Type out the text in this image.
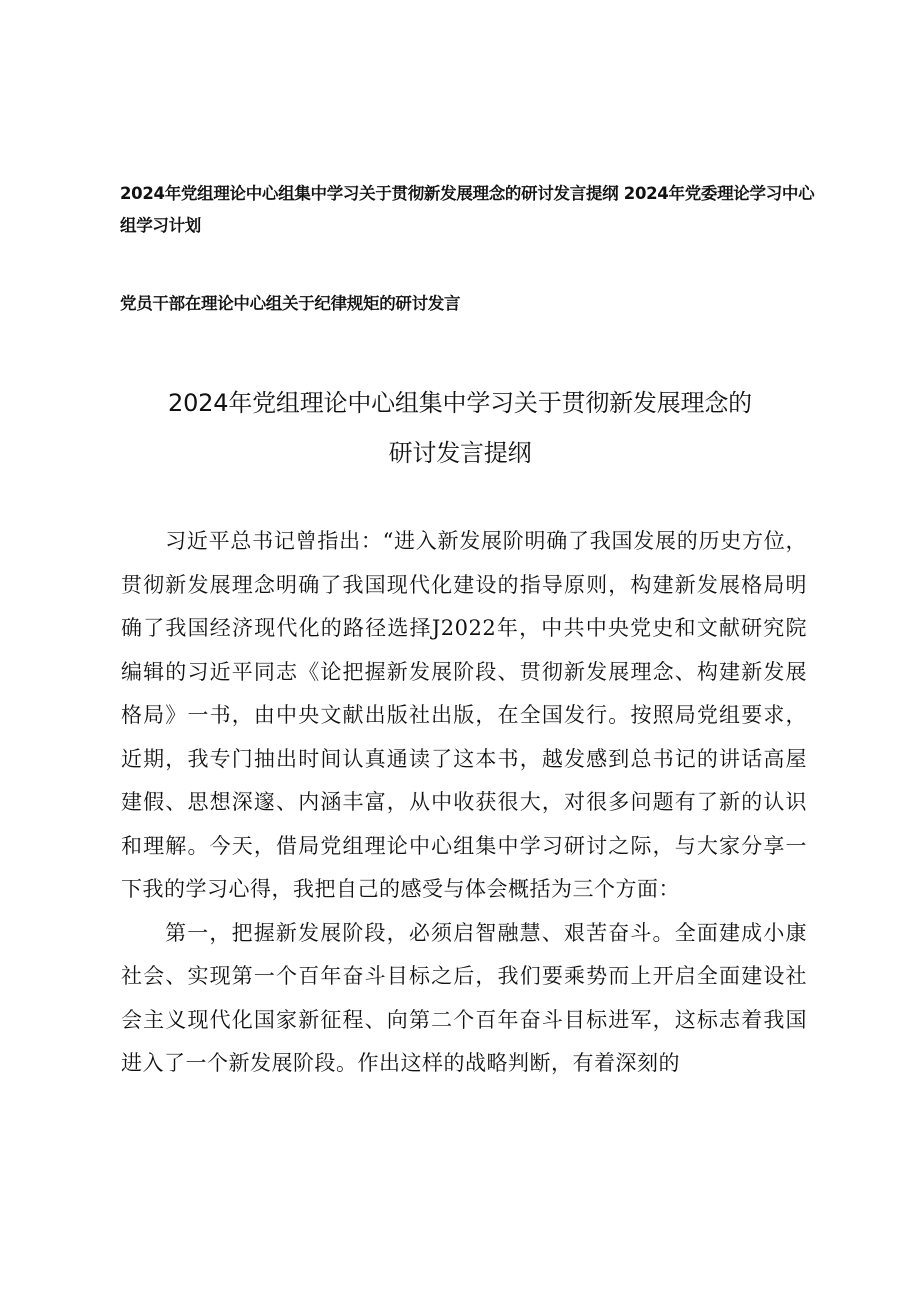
2024年党组理论中心组集中学习关于贯彻新发展理念的研讨发言提纲 2024年党委理论学习中心组学习计划
党员干部在理论中心组关于纪律规矩的研讨发言
2024年党组理论中心组集中学习关于贯彻新发展理念的
研讨发言提纲

习近平总书记曾指出：“进入新发展阶明确了我国发展的历史方位，贯彻新发展理念明确了我国现代化建设的指导原则，构建新发展格局明确了我国经济现代化的路径选择J2022年，中共中央党史和文献研究院编辑的习近平同志《论把握新发展阶段、贯彻新发展理念、构建新发展格局》一书，由中央文献出版社出版，在全国发行。按照局党组要求，近期，我专门抽出时间认真通读了这本书，越发感到总书记的讲话高屋建假、思想深邃、内涵丰富，从中收获很大，对很多问题有了新的认识和理解。今天，借局党组理论中心组集中学习研讨之际，与大家分享一下我的学习心得，我把自己的感受与体会概括为三个方面：

第一，把握新发展阶段，必须启智融慧、艰苦奋斗。全面建成小康社会、实现第一个百年奋斗目标之后，我们要乘势而上开启全面建设社会主义现代化国家新征程、向第二个百年奋斗目标进军，这标志着我国进入了一个新发展阶段。作出这样的战略判断，有着深刻的
